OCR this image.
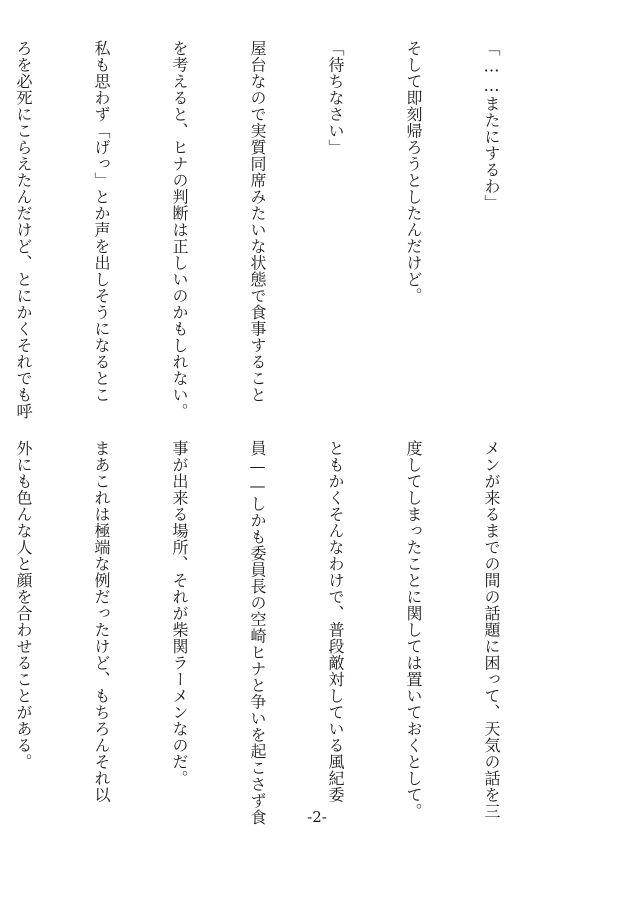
「……またにするわ」

そして即刻帰ろうとしたんだけど。

「待ちなさい」

屋台なので実質同席みたいな状態で食事すること

を考えると、ヒナの判断は正しいのかもしれない。

私も思わず「げっ」とか声を出しそうになるとこ

ろを必死にこらえたんだけど、とにかくそれでも呼

メンが来るまでの間の話題に困って、天気の話を三

度してしまったことに関しては置いておくとして。

ともかくそんなわけで、普段敵対している風紀委

員——しかも委員長の空崎ヒナと争いを起こさず食

事が出来る場所、それが柴関ラーメンなのだ。

まあこれは極端な例だったけど、もちろんそれ以

外にも色んな人と顔を合わせることがある。

-2-
